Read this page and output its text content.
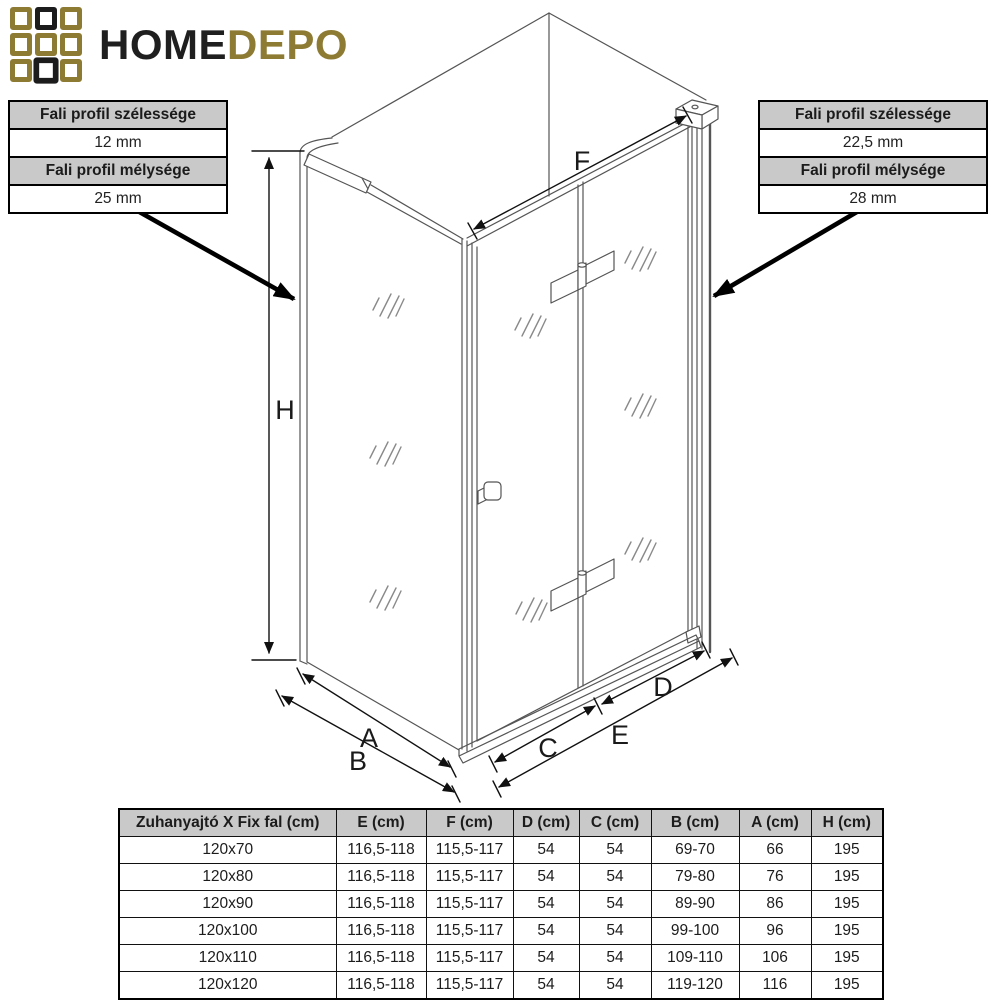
F
H
A
B	C
D
E
HOMEDEPO
Fali profil szélessége
12 mm
Fali profil mélysége
25 mm
Fali profil szélessége
22,5 mm
Fali profil mélysége
28 mm
Zuhanyajtó X Fix fal (cm)	E (cm)	F (cm)	D (cm)	C (cm)	B (cm)	A (cm)	H (cm)
120x70	116,5-118	115,5-117	54	54	69-70	66	195
120x80	116,5-118	115,5-117	54	54	79-80	76	195
120x90	116,5-118	115,5-117	54	54	89-90	86	195
120x100	116,5-118	115,5-117	54	54	99-100	96	195
120x110	116,5-118	115,5-117	54	54	109-110	106	195
120x120	116,5-118	115,5-117	54	54	119-120	116	195
